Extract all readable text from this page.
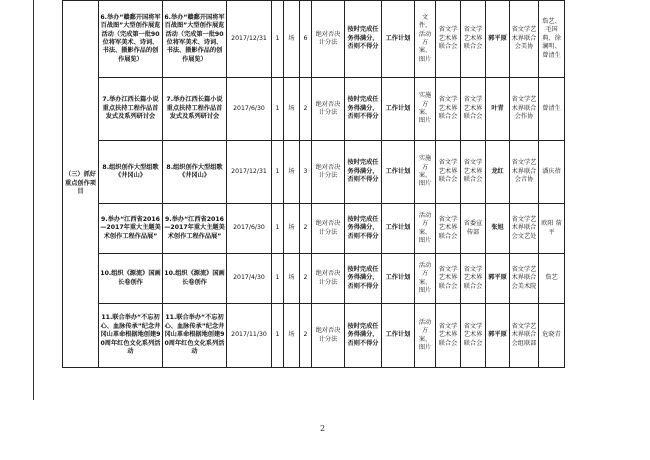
（三）抓好重点创作项目	6.举办“赣鄱开国将军百战图”大型创作展览活动（完成第一批90位将军美术、诗词、书法、摄影作品的创作展览）	6.举办“赣鄱开国将军百战图”大型创作展览活动（完成第一批90位将军美术、诗词、书法、摄影作品的创作展览）	2017/12/31	1	场	6	绝对否决计分法	按时完成任务得满分，否则不得分	工作计划	文件、活动方案、图片	省文学艺术界联合会	省文学艺术界联合会	郭平原	省文学艺术界联合会美协	詹艺、毛国典、徐澜明、曾清生
	7.举办江西长篇小说重点扶持工程作品首发式及系列研讨会	7.举办江西长篇小说重点扶持工程作品首发式及系列研讨会	2017/6/30	1	场	2	绝对否决计分法	按时完成任务得满分，否则不得分	工作计划	实施方案、图片	省文学艺术界联合会	省文学艺术界联合会	叶青	省文学艺术界联合会作协	曾清生
	8.组织创作大型组歌《井冈山》	8.组织创作大型组歌《井冈山》	2017/12/31	1	场	3	绝对否决计分法	按时完成任务得满分，否则不得分	工作计划	实施方案、图片	省文学艺术界联合会	省文学艺术界联合会	龙红	省文学艺术界联合会音协	潘庆蓓
	9.举办“江西省2016—2017年重大主题美术创作工程作品展”	9.举办“江西省2016—2017年重大主题美术创作工程作品展”	2017/6/30	1	场	2	绝对否决计分法	按时完成任务得满分，否则不得分	工作计划	活动方案、图片	省文学艺术界联合会	省委宣传部	张旭	省文学艺术界联合会文艺处	欧阳 蓿平
	10.组织《源流》国画长卷创作	10.组织《源流》国画长卷创作	2017/4/30	1	场	2	绝对否决计分法	按时完成任务得满分，否则不得分	工作计划	活动方案、图片	省文学艺术界联合会	省文学艺术界联合会	郭平原	省文学艺术界联合会美术院	詹艺
	11.联合举办“不忘初心、血脉传承”纪念井冈山革命根据地创建90周年红色文化系列活动	11.联合举办“不忘初心、血脉传承”纪念井冈山革命根据地创建90周年红色文化系列活动	2017/11/30	1	场	2	绝对否决计分法	按时完成任务得满分，否则不得分	工作计划	活动方案、图片	省文学艺术界联合会	省文学艺术界联合会	郭平原	省文学艺术界联合会组联部	危晓青
2
